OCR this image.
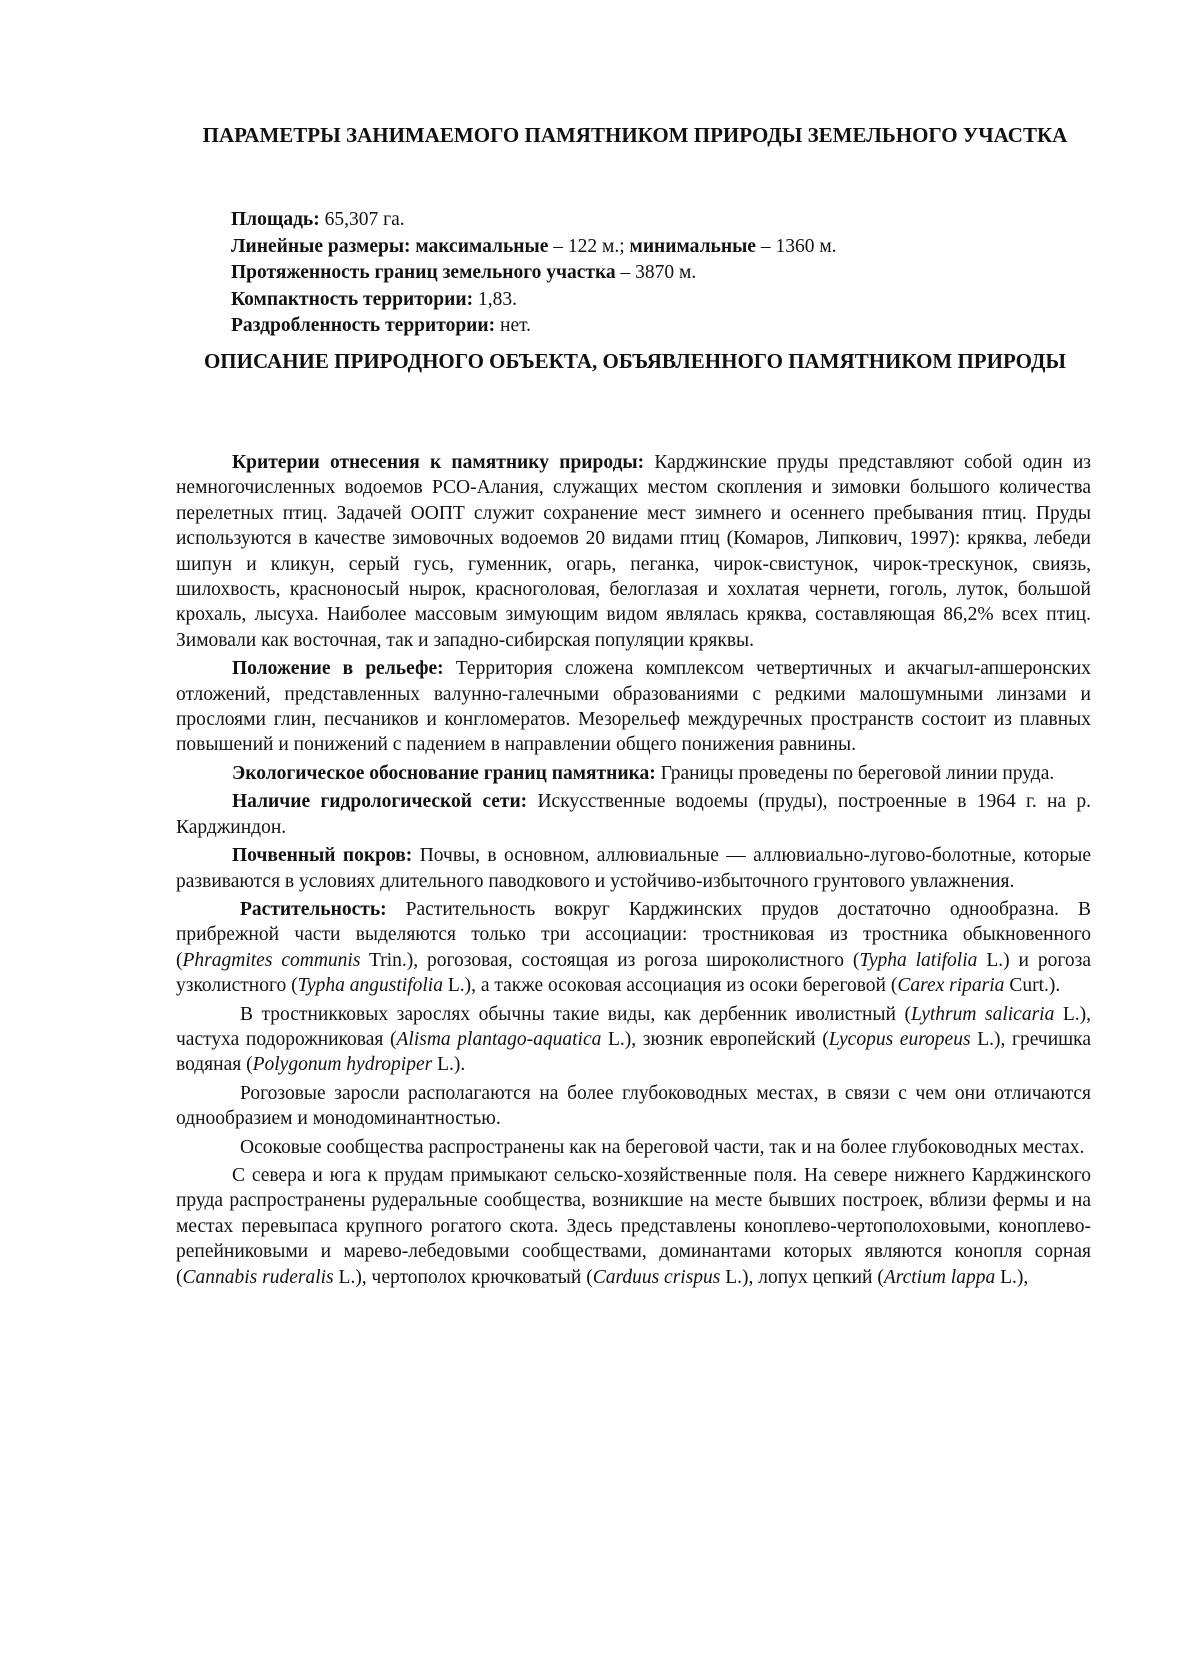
ПАРАМЕТРЫ ЗАНИМАЕМОГО ПАМЯТНИКОМ ПРИРОДЫ ЗЕМЕЛЬНОГО УЧАСТКА
Площадь: 65,307 га.
Линейные размеры: максимальные – 122 м.; минимальные – 1360 м.
Протяженность границ земельного участка – 3870 м.
Компактность территории: 1,83.
Раздробленность территории: нет.
ОПИСАНИЕ ПРИРОДНОГО ОБЪЕКТА, ОБЪЯВЛЕННОГО ПАМЯТНИКОМ ПРИРОДЫ

Критерии отнесения к памятнику природы: Карджинские пруды представляют собой один из немногочисленных водоемов РСО-Алания, служащих местом скопления и зимовки большого количества перелетных птиц. Задачей ООПТ служит сохранение мест зимнего и осеннего пребывания птиц. Пруды используются в качестве зимовочных водоемов 20 видами птиц (Комаров, Липкович, 1997): кряква, лебеди шипун и кликун, серый гусь, гуменник, огарь, пеганка, чирок-свистунок, чирок-трескунок, свиязь, шилохвость, красноносый нырок, красноголовая, белоглазая и хохлатая чернети, гоголь, луток, большой крохаль, лысуха. Наиболее массовым зимующим видом являлась кряква, составляющая 86,2% всех птиц. Зимовали как восточная, так и западно-сибирская популяции кряквы.

Положение в рельефе: Территория сложена комплексом четвертичных и акчагыл-апшеронских отложений, представленных валунно-галечными образованиями с редкими малошумными линзами и прослоями глин, песчаников и конгломератов. Мезорельеф междуречных пространств состоит из плавных повышений и понижений с падением в направлении общего понижения равнины.

Экологическое обоснование границ памятника: Границы проведены по береговой линии пруда.

Наличие гидрологической сети: Искусственные водоемы (пруды), построенные в 1964 г. на р. Карджиндон.

Почвенный покров: Почвы, в основном, аллювиальные — аллювиально-лугово-болотные, которые развиваются в условиях длительного паводкового и устойчиво-избыточного грунтового увлажнения.

Растительность: Растительность вокруг Карджинских прудов достаточно однообразна. В прибрежной части выделяются только три ассоциации: тростниковая из тростника обыкновенного (Phragmites communis Trin.), рогозовая, состоящая из рогоза широколистного (Typha latifolia L.) и рогоза узколистного (Typha angustifolia L.), а также осоковая ассоциация из осоки береговой (Carex riparia Curt.).

В тростникковых зарослях обычны такие виды, как дербенник иволистный (Lythrum salicaria L.), частуха подорожниковая (Alisma plantago-aquatica L.), зюзник европейский (Lycopus europeus L.), гречишка водяная (Polygonum hydropiper L.).

Рогозовые заросли располагаются на более глубоководных местах, в связи с чем они отличаются однообразием и монодоминантностью.

Осоковые сообщества распространены как на береговой части, так и на более глубоководных местах.

С севера и юга к прудам примыкают сельско-хозяйственные поля. На севере нижнего Карджинского пруда распространены рудеральные сообщества, возникшие на месте бывших построек, вблизи фермы и на местах перевыпаса крупного рогатого скота. Здесь представлены коноплево-чертополоховыми, коноплево-репейниковыми и марево-лебедовыми сообществами, доминантами которых являются конопля сорная (Cannabis ruderalis L.), чертополох крючковатый (Carduus crispus L.), лопух цепкий (Arctium lappa L.),
